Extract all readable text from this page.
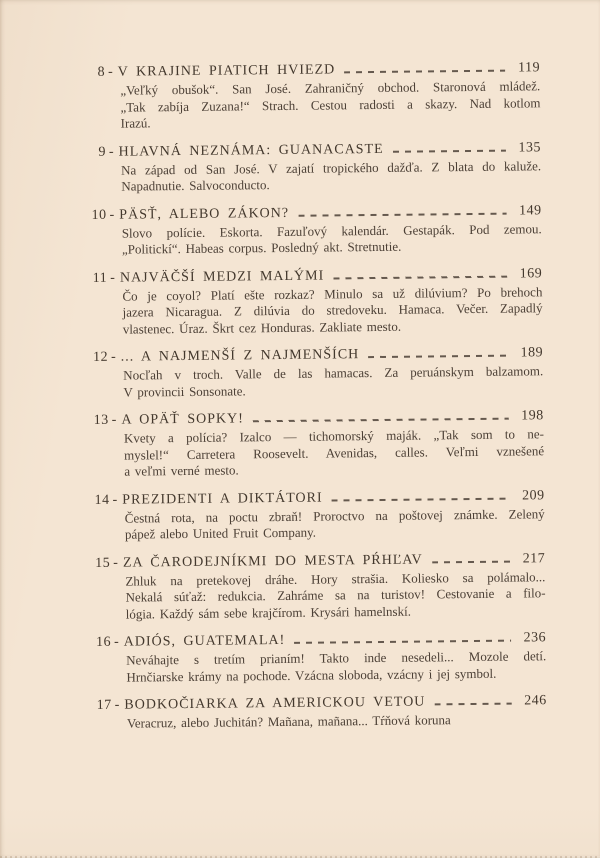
8 - V KRAJINE PIATICH HVIEZD	119
„Veľký obušok“. San José. Zahraničný obchod. Staronová mládež.
„Tak zabíja Zuzana!“ Strach. Cestou radosti a skazy. Nad kotlom
Irazú.
9 - HLAVNÁ NEZNÁMA: GUANACASTE	135
Na západ od San José. V zajatí tropického dažďa. Z blata do kaluže.
Napadnutie. Salvoconducto.
10 - PÄSŤ, ALEBO ZÁKON?	149
Slovo polície. Eskorta. Fazuľový kalendár. Gestapák. Pod zemou.
„Politickí“. Habeas corpus. Posledný akt. Stretnutie.
11 - NAJVÄČŠÍ MEDZI MALÝMI	169
Čo je coyol? Platí ešte rozkaz? Minulo sa už dilúvium? Po brehoch
jazera Nicaragua. Z dilúvia do stredoveku. Hamaca. Večer. Zapadlý
vlastenec. Úraz. Škrt cez Honduras. Zakliate mesto.
12 - ... A NAJMENŠÍ Z NAJMENŠÍCH	189
Nocľah v troch. Valle de las hamacas. Za peruánskym balzamom.
V provincii Sonsonate.
13 - A OPÄŤ SOPKY!	198
Kvety a polícia? Izalco — tichomorský maják. „Tak som to ne-
myslel!“ Carretera Roosevelt. Avenidas, calles. Veľmi vznešené
a veľmi verné mesto.
14 - PREZIDENTI A DIKTÁTORI	209
Čestná rota, na poctu zbraň! Proroctvo na poštovej známke. Zelený
pápež alebo United Fruit Company.
15 - ZA ČARODEJNÍKMI DO MESTA PŔHĽAV	217
Zhluk na pretekovej dráhe. Hory strašia. Koliesko sa polámalo...
Nekalá súťaž: redukcia. Zahráme sa na turistov! Cestovanie a filo-
lógia. Každý sám sebe krajčírom. Krysári hamelnskí.
16 - ADIÓS, GUATEMALA!	236
Neváhajte s tretím prianím! Takto inde nesedeli... Mozole detí.
Hrnčiarske krámy na pochode. Vzácna sloboda, vzácny i jej symbol.
17 - BODKOČIARKA ZA AMERICKOU VETOU	246
Veracruz, alebo Juchitán? Mañana, mañana... Tŕňová koruna
